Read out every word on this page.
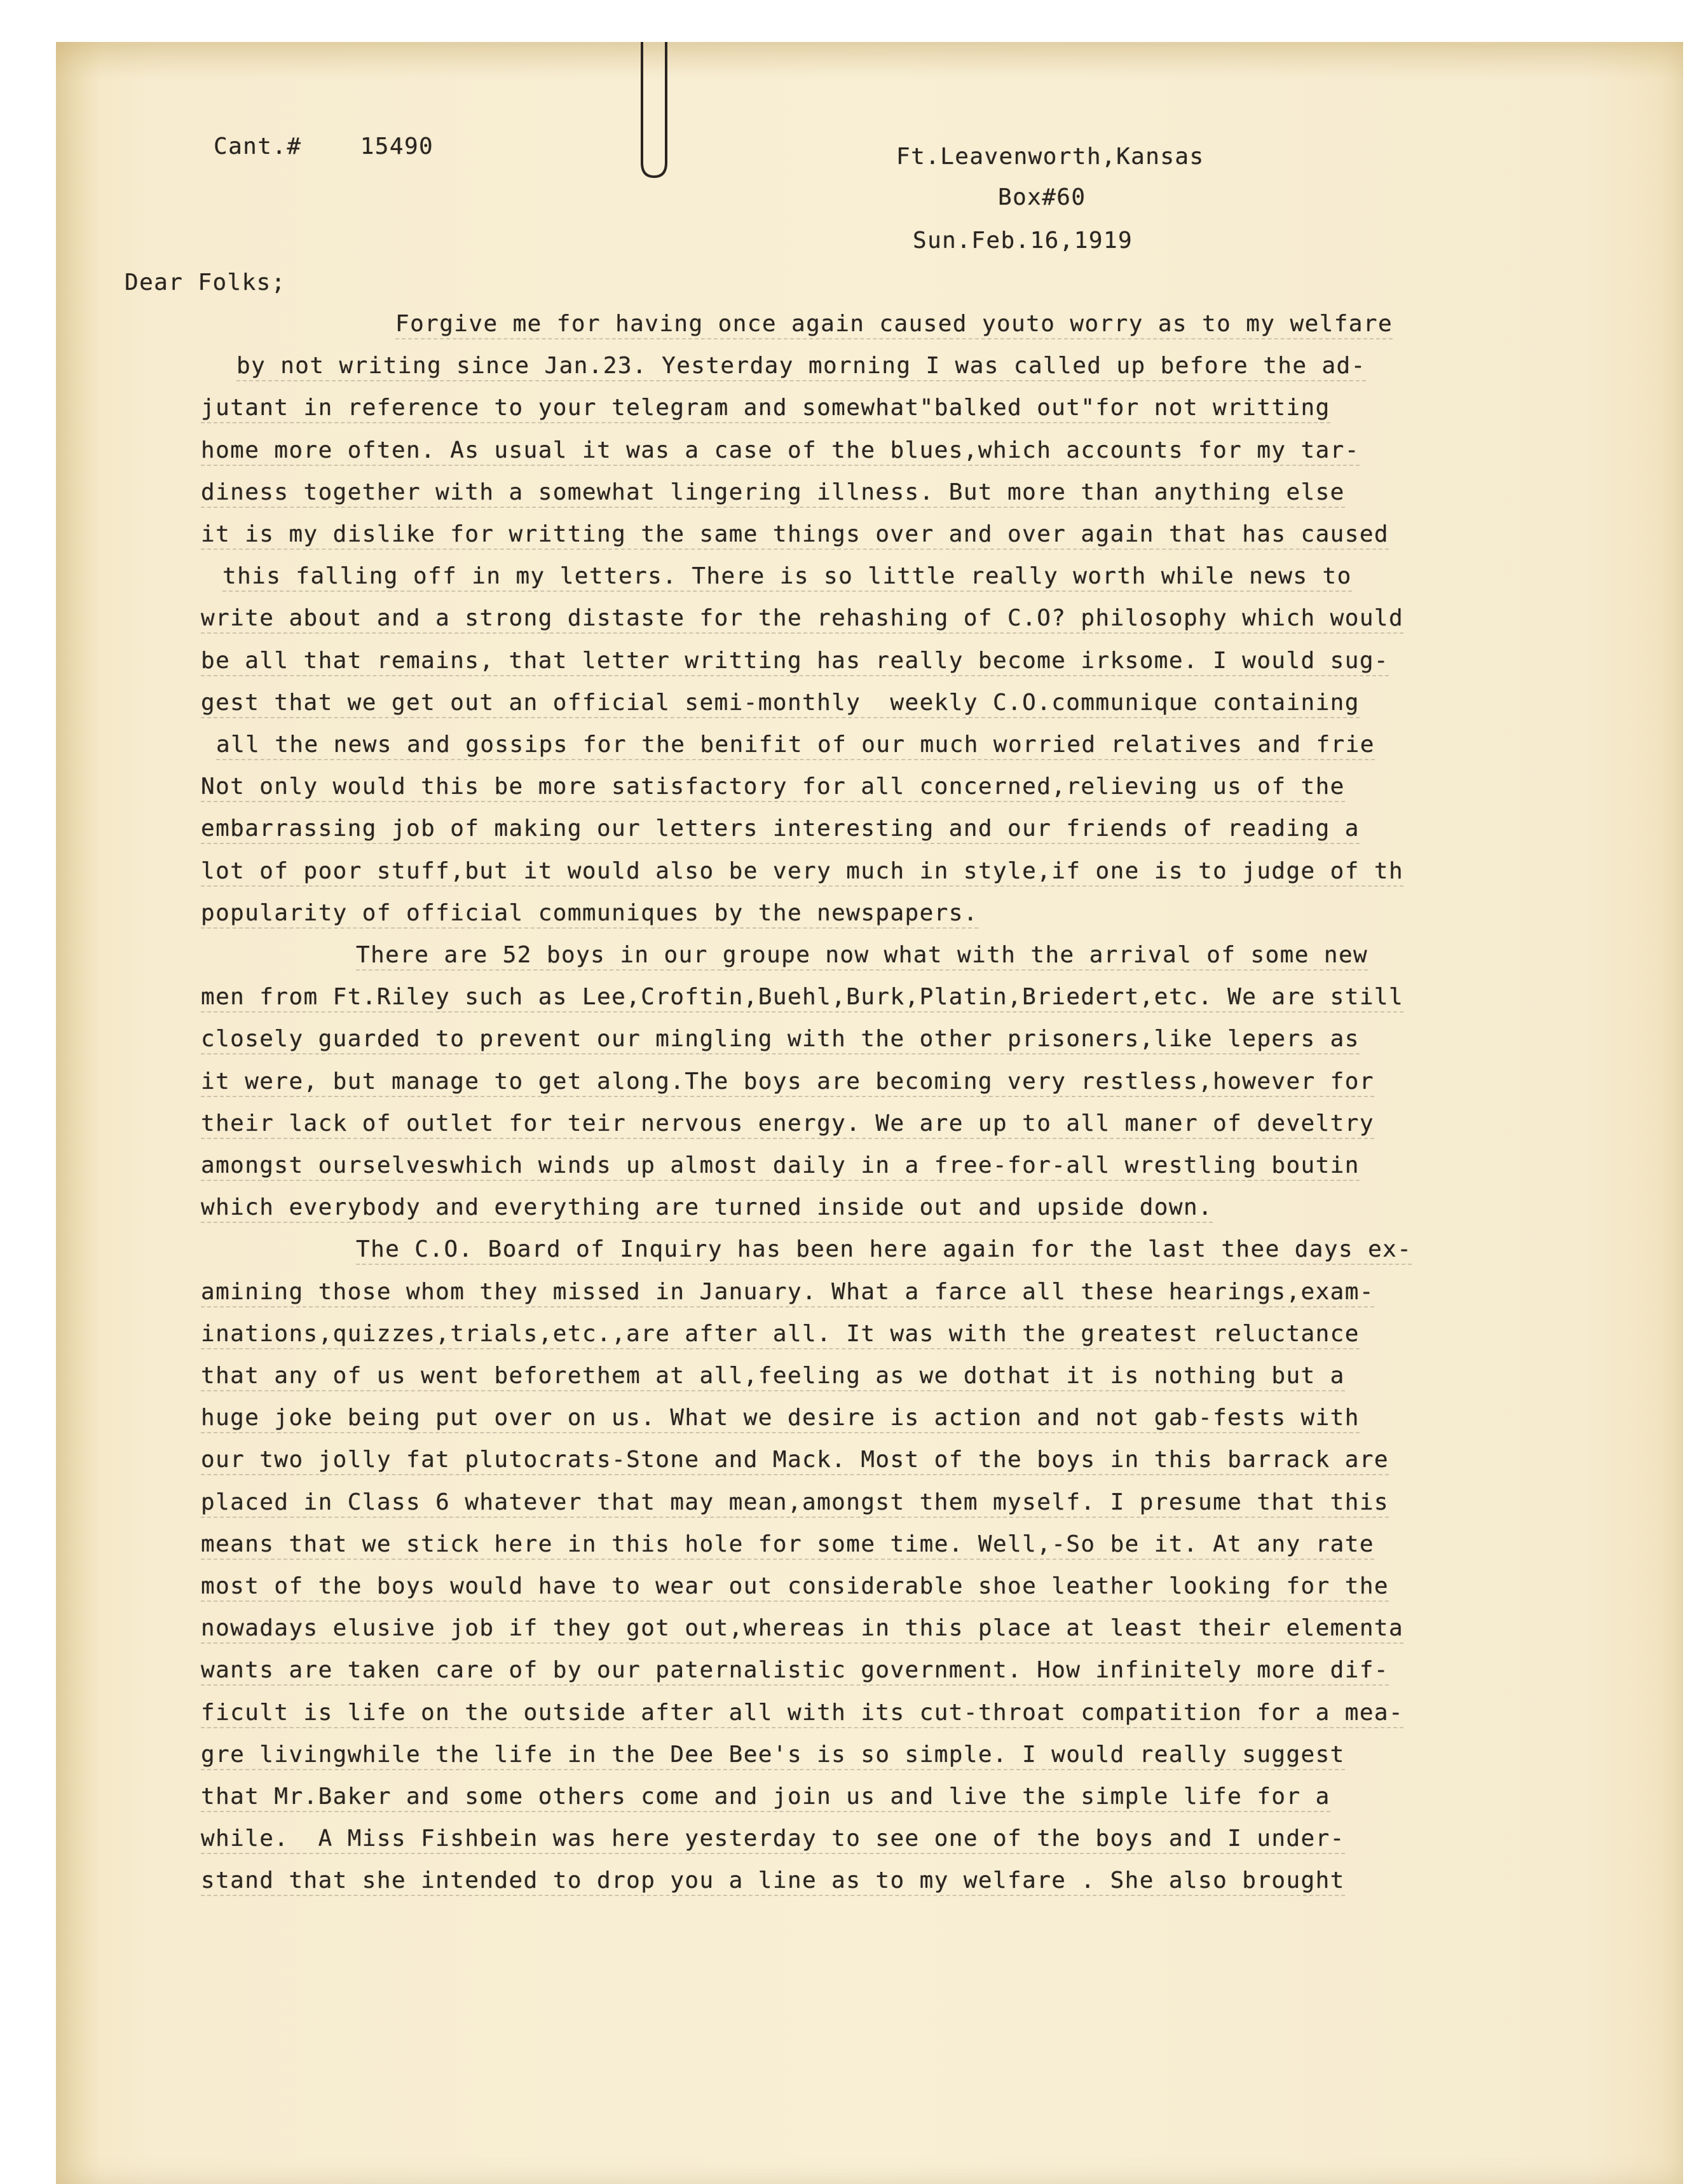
Cant.#    15490	Ft.Leavenworth,Kansas
Box#60
Sun.Feb.16,1919
Dear Folks;
Forgive me for having once again caused youto worry as to my welfare
by not writing since Jan.23. Yesterday morning I was called up before the ad-
jutant in reference to your telegram and somewhat"balked out"for not writting
home more often. As usual it was a case of the blues,which accounts for my tar-
diness together with a somewhat lingering illness. But more than anything else
it is my dislike for writting the same things over and over again that has caused
this falling off in my letters. There is so little really worth while news to
write about and a strong distaste for the rehashing of C.O? philosophy which would
be all that remains, that letter writting has really become irksome. I would sug-
gest that we get out an official semi-monthly  weekly C.O.communique containing
all the news and gossips for the benifit of our much worried relatives and frie
Not only would this be more satisfactory for all concerned,relieving us of the
embarrassing job of making our letters interesting and our friends of reading a
lot of poor stuff,but it would also be very much in style,if one is to judge of th
popularity of official communiques by the newspapers.
There are 52 boys in our groupe now what with the arrival of some new
men from Ft.Riley such as Lee,Croftin,Buehl,Burk,Platin,Briedert,etc. We are still
closely guarded to prevent our mingling with the other prisoners,like lepers as
it were, but manage to get along.The boys are becoming very restless,however for
their lack of outlet for teir nervous energy. We are up to all maner of develtry
amongst ourselveswhich winds up almost daily in a free-for-all wrestling boutin
which everybody and everything are turned inside out and upside down.
The C.O. Board of Inquiry has been here again for the last thee days ex-
amining those whom they missed in January. What a farce all these hearings,exam-
inations,quizzes,trials,etc.,are after all. It was with the greatest reluctance
that any of us went beforethem at all,feeling as we dothat it is nothing but a
huge joke being put over on us. What we desire is action and not gab-fests with
our two jolly fat plutocrats-Stone and Mack. Most of the boys in this barrack are
placed in Class 6 whatever that may mean,amongst them myself. I presume that this
means that we stick here in this hole for some time. Well,-So be it. At any rate
most of the boys would have to wear out considerable shoe leather looking for the
nowadays elusive job if they got out,whereas in this place at least their elementa
wants are taken care of by our paternalistic government. How infinitely more dif-
ficult is life on the outside after all with its cut-throat compatition for a mea-
gre livingwhile the life in the Dee Bee's is so simple. I would really suggest
that Mr.Baker and some others come and join us and live the simple life for a
while.  A Miss Fishbein was here yesterday to see one of the boys and I under-
stand that she intended to drop you a line as to my welfare . She also brought
